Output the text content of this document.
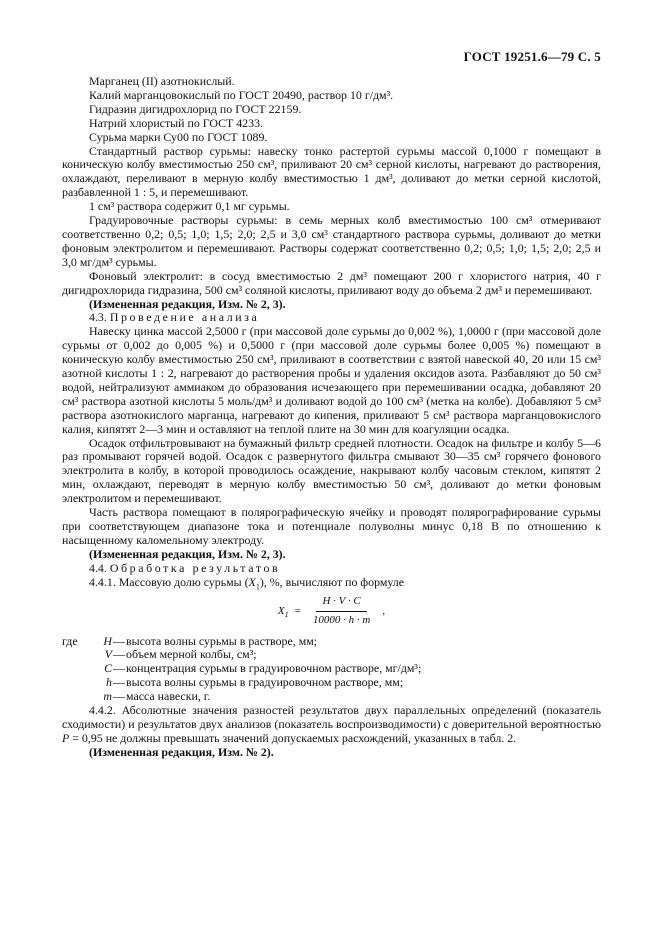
ГОСТ 19251.6—79 С. 5

Марганец (II) азотнокислый.

Калий марганцовокислый по ГОСТ 20490, раствор 10 г/дм³.

Гидразин дигидрохлорид по ГОСТ 22159.

Натрий хлористый по ГОСТ 4233.

Сурьма марки Су00 по ГОСТ 1089.

Стандартный раствор сурьмы: навеску тонко растертой сурьмы массой 0,1000 г помещают в коническую колбу вместимостью 250 см³, приливают 20 см³ серной кислоты, нагревают до растворения, охлаждают, переливают в мерную колбу вместимостью 1 дм³, доливают до метки серной кислотой, разбавленной 1 : 5, и перемешивают.

1 см³ раствора содержит 0,1 мг сурьмы.

Градуировочные растворы сурьмы: в семь мерных колб вместимостью 100 см³ отмеривают соответственно 0,2; 0,5; 1,0; 1,5; 2,0; 2,5 и 3,0 см³ стандартного раствора сурьмы, доливают до метки фоновым электролитом и перемешивают. Растворы содержат соответственно 0,2; 0,5; 1,0; 1,5; 2,0; 2,5 и 3,0 мг/дм³ сурьмы.

Фоновый электролит: в сосуд вместимостью 2 дм³ помещают 200 г хлористого натрия, 40 г дигидрохлорида гидразина, 500 см³ соляной кислоты, приливают воду до объема 2 дм³ и перемешивают.

(Измененная редакция, Изм. № 2, 3).

4.3. Проведение анализа

Навеску цинка массой 2,5000 г (при массовой доле сурьмы до 0,002 %), 1,0000 г (при массовой доле сурьмы от 0,002 до 0,005 %) и 0,5000 г (при массовой доле сурьмы более 0,005 %) помещают в коническую колбу вместимостью 250 см³, приливают в соответствии с взятой навеской 40, 20 или 15 см³ азотной кислоты 1 : 2, нагревают до растворения пробы и удаления оксидов азота. Разбавляют до 50 см³ водой, нейтрализуют аммиаком до образования исчезающего при перемешивании осадка, добавляют 20 см³ раствора азотной кислоты 5 моль/дм³ и доливают водой до 100 см³ (метка на колбе). Добавляют 5 см³ раствора азотнокислого марганца, нагревают до кипения, приливают 5 см³ раствора марганцовокислого калия, кипятят 2—3 мин и оставляют на теплой плите на 30 мин для коагуляции осадка.

Осадок отфильтровывают на бумажный фильтр средней плотности. Осадок на фильтре и колбу 5—6 раз промывают горячей водой. Осадок с развернутого фильтра смывают 30—35 см³ горячего фонового электролита в колбу, в которой проводилось осаждение, накрывают колбу часовым стеклом, кипятят 2 мин, охлаждают, переводят в мерную колбу вместимостью 50 см³, доливают до метки фоновым электролитом и перемешивают.

Часть раствора помещают в полярографическую ячейку и проводят полярографирование сурьмы при соответствующем диапазоне тока и потенциале полуволны минус 0,18 В по отношению к насыщенному каломельному электроду.

(Измененная редакция, Изм. № 2, 3).

4.4. Обработка результатов

4.4.1. Массовую долю сурьмы $(X_1)$, %, вычисляют по формуле

$X_1 = \frac{H \cdot V \cdot C}{10000 \cdot h \cdot m}$ ,
где	H — высота волны сурьмы в растворе, мм;
V — объем мерной колбы, см³;
C — концентрация сурьмы в градуировочном растворе, мг/дм³;
h — высота волны сурьмы в градуировочном растворе, мм;
m — масса навески, г.

4.4.2. Абсолютные значения разностей результатов двух параллельных определений (показатель сходимости) и результатов двух анализов (показатель воспроизводимости) с доверительной вероятностью P = 0,95 не должны превышать значений допускаемых расхождений, указанных в табл. 2.

(Измененная редакция, Изм. № 2).
